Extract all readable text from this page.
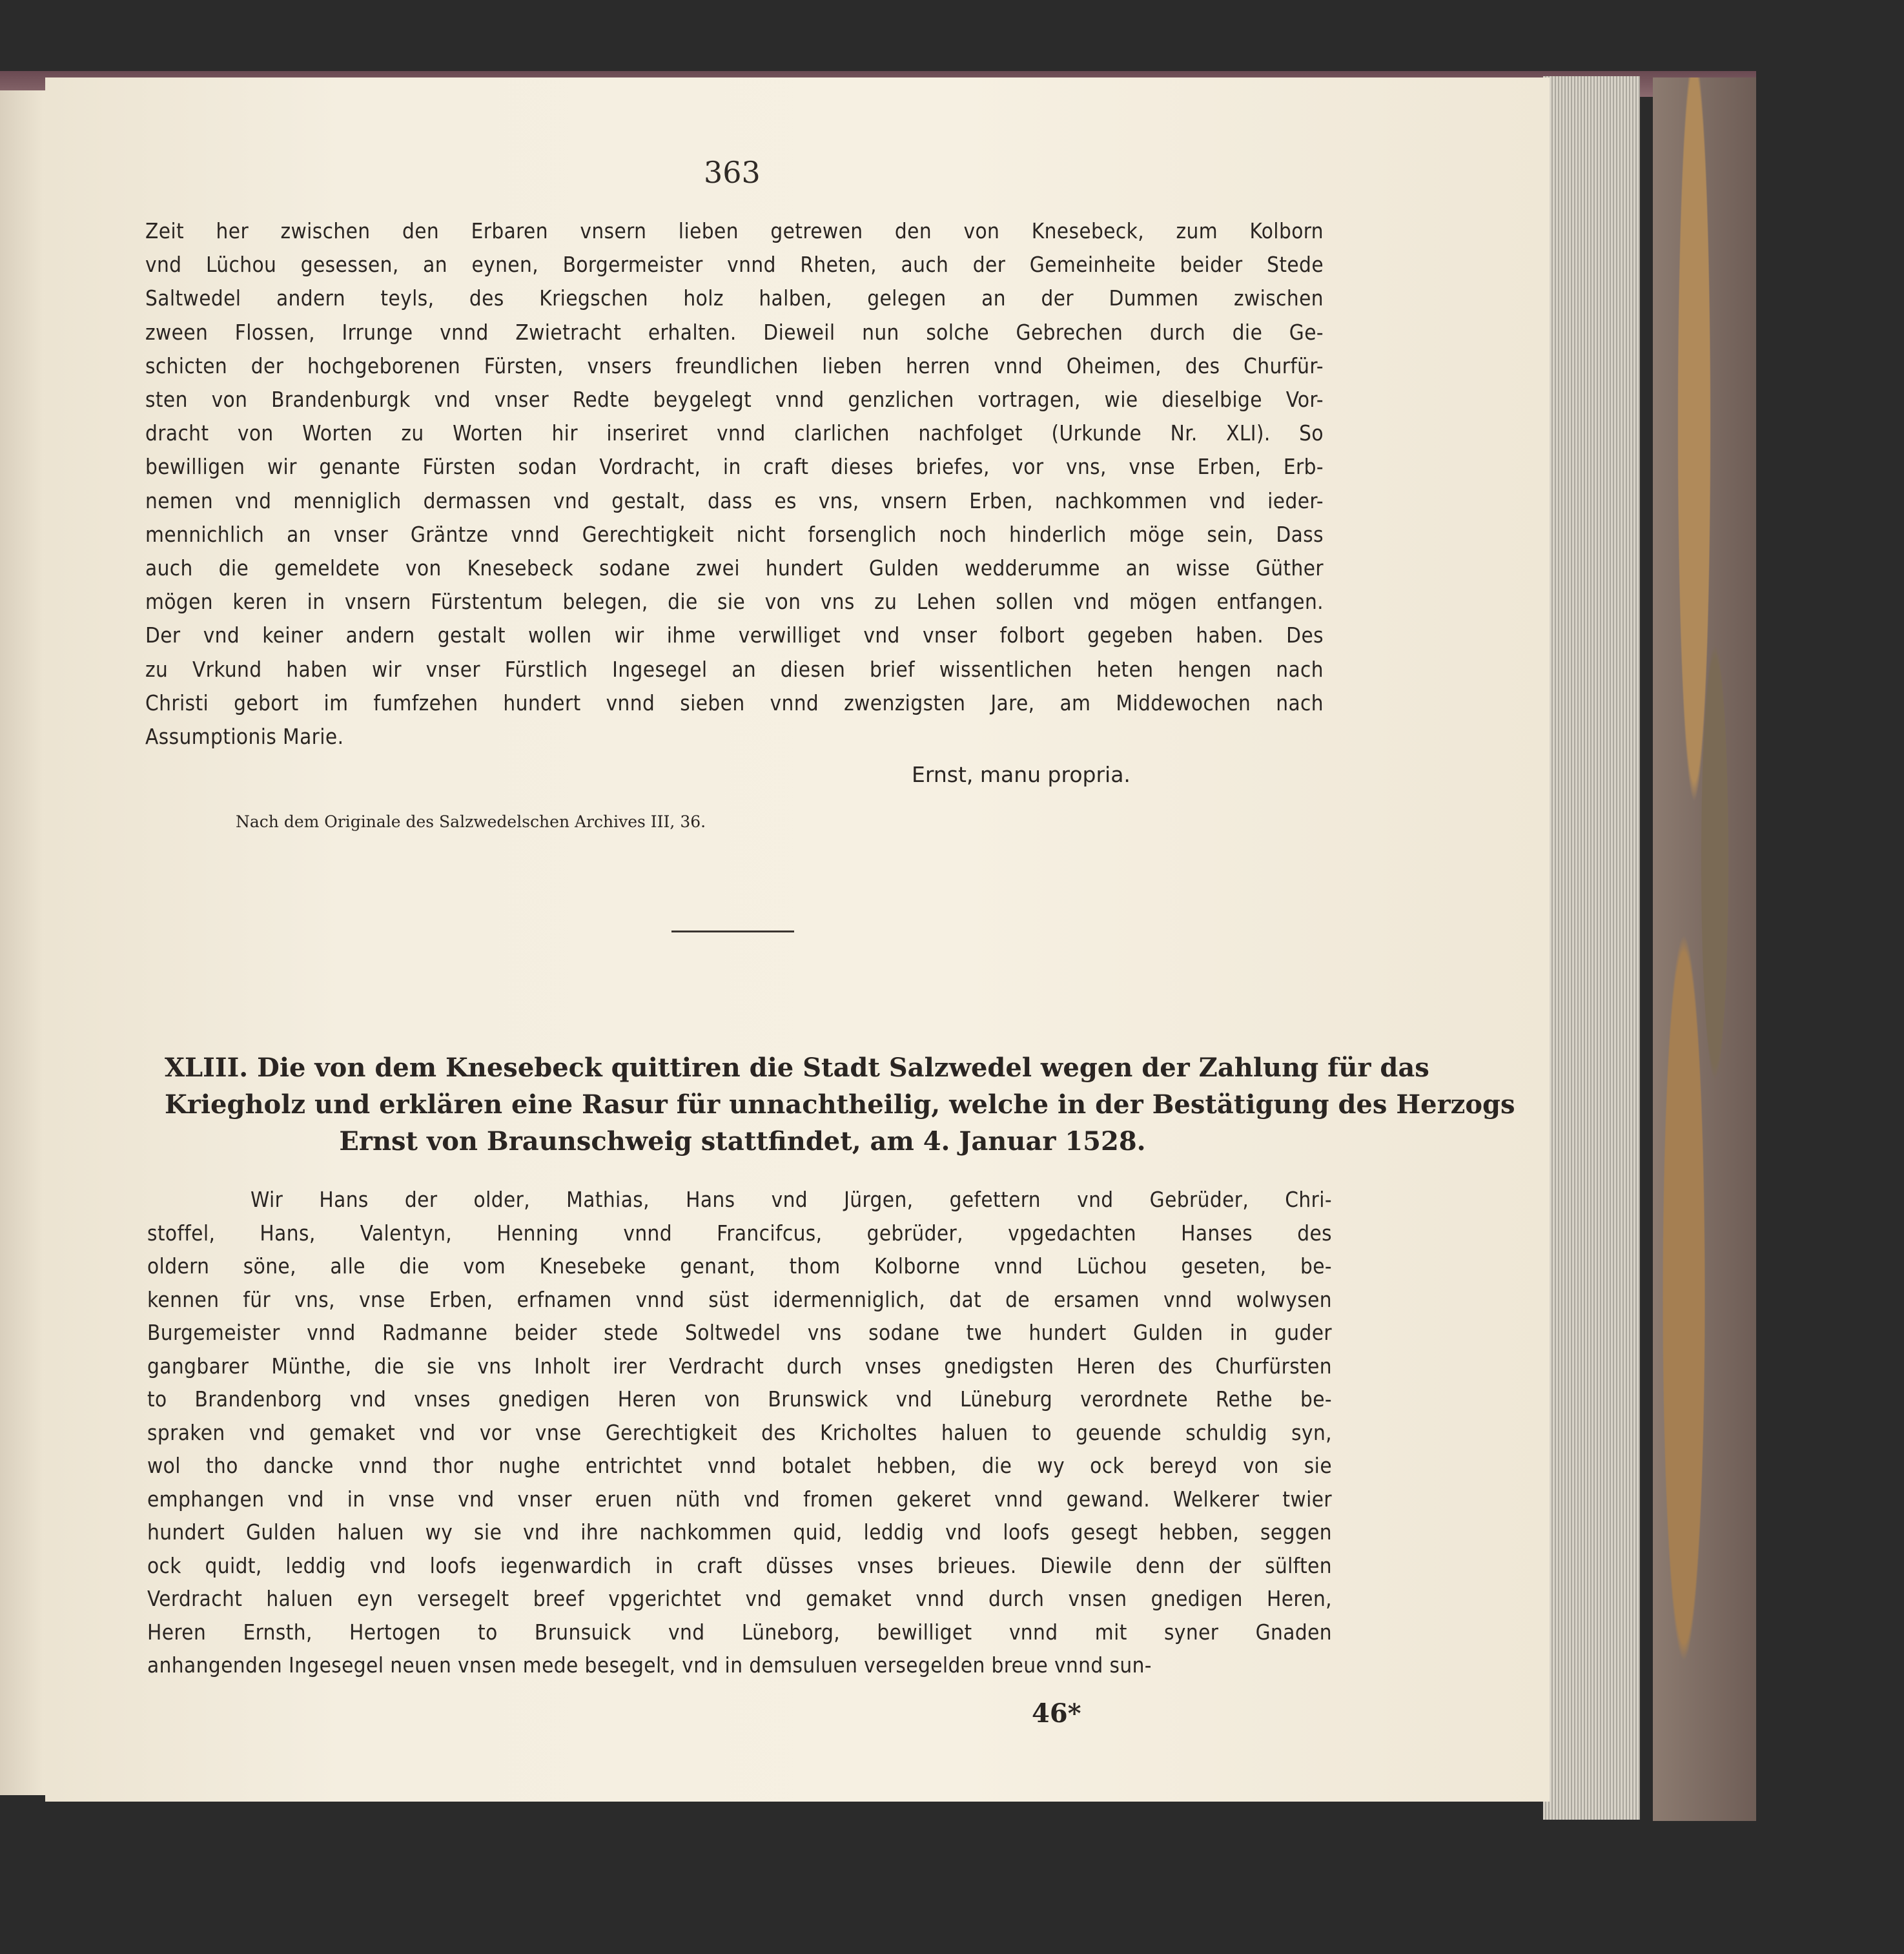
363
Zeit her zwischen den Erbaren vnsern lieben getrewen den von Knesebeck, zum Kolborn
vnd Lüchou gesessen, an eynen, Borgermeister vnnd Rheten, auch der Gemeinheite beider Stede
Saltwedel andern teyls, des Kriegschen holz halben, gelegen an der Dummen zwischen
zween Flossen, Irrunge vnnd Zwietracht erhalten. Dieweil nun solche Gebrechen durch die Ge-
schicten der hochgeborenen Fürsten, vnsers freundlichen lieben herren vnnd Oheimen, des Churfür-
sten von Brandenburgk vnd vnser Redte beygelegt vnnd genzlichen vortragen, wie dieselbige Vor-
dracht von Worten zu Worten hir inseriret vnnd clarlichen nachfolget (Urkunde Nr. XLI). So
bewilligen wir genante Fürsten sodan Vordracht, in craft dieses briefes, vor vns, vnse Erben, Erb-
nemen vnd menniglich dermassen vnd gestalt, dass es vns, vnsern Erben, nachkommen vnd ieder-
mennichlich an vnser Gräntze vnnd Gerechtigkeit nicht forsenglich noch hinderlich möge sein, Dass
auch die gemeldete von Knesebeck sodane zwei hundert Gulden wedderumme an wisse Güther
mögen keren in vnsern Fürstentum belegen, die sie von vns zu Lehen sollen vnd mögen entfangen.
Der vnd keiner andern gestalt wollen wir ihme verwilliget vnd vnser folbort gegeben haben. Des
zu Vrkund haben wir vnser Fürstlich Ingesegel an diesen brief wissentlichen heten hengen nach
Christi gebort im fumfzehen hundert vnnd sieben vnnd zwenzigsten Jare, am Middewochen nach
Assumptionis Marie.
Ernst, manu propria.
Nach dem Originale des Salzwedelschen Archives III, 36.
XLIII. Die von dem Knesebeck quittiren die Stadt Salzwedel wegen der Zahlung für das
Kriegholz und erklären eine Rasur für unnachtheilig, welche in der Bestätigung des Herzogs
Ernst von Braunschweig stattfindet, am 4. Januar 1528.
Wir Hans der older, Mathias, Hans vnd Jürgen, gefettern vnd Gebrüder, Chri-
stoffel, Hans, Valentyn, Henning vnnd Francifcus, gebrüder, vpgedachten Hanses des
oldern söne, alle die vom Knesebeke genant, thom Kolborne vnnd Lüchou geseten, be-
kennen für vns, vnse Erben, erfnamen vnnd süst idermenniglich, dat de ersamen vnnd wolwysen
Burgemeister vnnd Radmanne beider stede Soltwedel vns sodane twe hundert Gulden in guder
gangbarer Münthe, die sie vns Inholt irer Verdracht durch vnses gnedigsten Heren des Churfürsten
to Brandenborg vnd vnses gnedigen Heren von Brunswick vnd Lüneburg verordnete Rethe be-
spraken vnd gemaket vnd vor vnse Gerechtigkeit des Kricholtes haluen to geuende schuldig syn,
wol tho dancke vnnd thor nughe entrichtet vnnd botalet hebben, die wy ock bereyd von sie
emphangen vnd in vnse vnd vnser eruen nüth vnd fromen gekeret vnnd gewand. Welkerer twier
hundert Gulden haluen wy sie vnd ihre nachkommen quid, leddig vnd loofs gesegt hebben, seggen
ock quidt, leddig vnd loofs iegenwardich in craft düsses vnses brieues. Diewile denn der sülften
Verdracht haluen eyn versegelt breef vpgerichtet vnd gemaket vnnd durch vnsen gnedigen Heren,
Heren Ernsth, Hertogen to Brunsuick vnd Lüneborg, bewilliget vnnd mit syner Gnaden
anhangenden Ingesegel neuen vnsen mede besegelt, vnd in demsuluen versegelden breue vnnd sun-
46*
